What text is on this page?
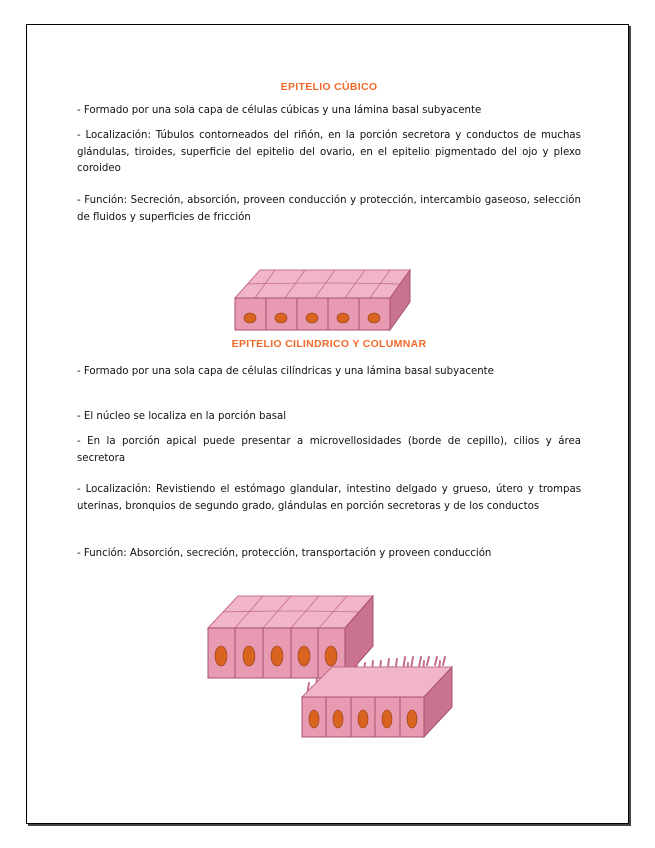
EPITELIO CÚBICO
- Formado por una sola capa de células cúbicas y una lámina basal subyacente
- Localización: Túbulos contorneados del riñón, en la porción secretora y conductos de muchas glándulas, tiroides, superficie del epitelio del ovario, en el epitelio pigmentado del ojo y plexo coroideo
- Función: Secreción, absorción, proveen conducción y protección, intercambio gaseoso, selección de fluidos y superficies de fricción
EPITELIO CILINDRICO Y COLUMNAR
- Formado por una sola capa de células cilíndricas y una lámina basal subyacente
- El núcleo se localiza en la porción basal
- En la porción apical puede presentar a microvellosidades (borde de cepillo), cilios y área secretora
- Localización: Revistiendo el estómago glandular, intestino delgado y grueso, útero y trompas uterinas, bronquios de segundo grado, glándulas en porción secretoras y de los conductos
- Función: Absorción, secreción, protección, transportación y proveen conducción
